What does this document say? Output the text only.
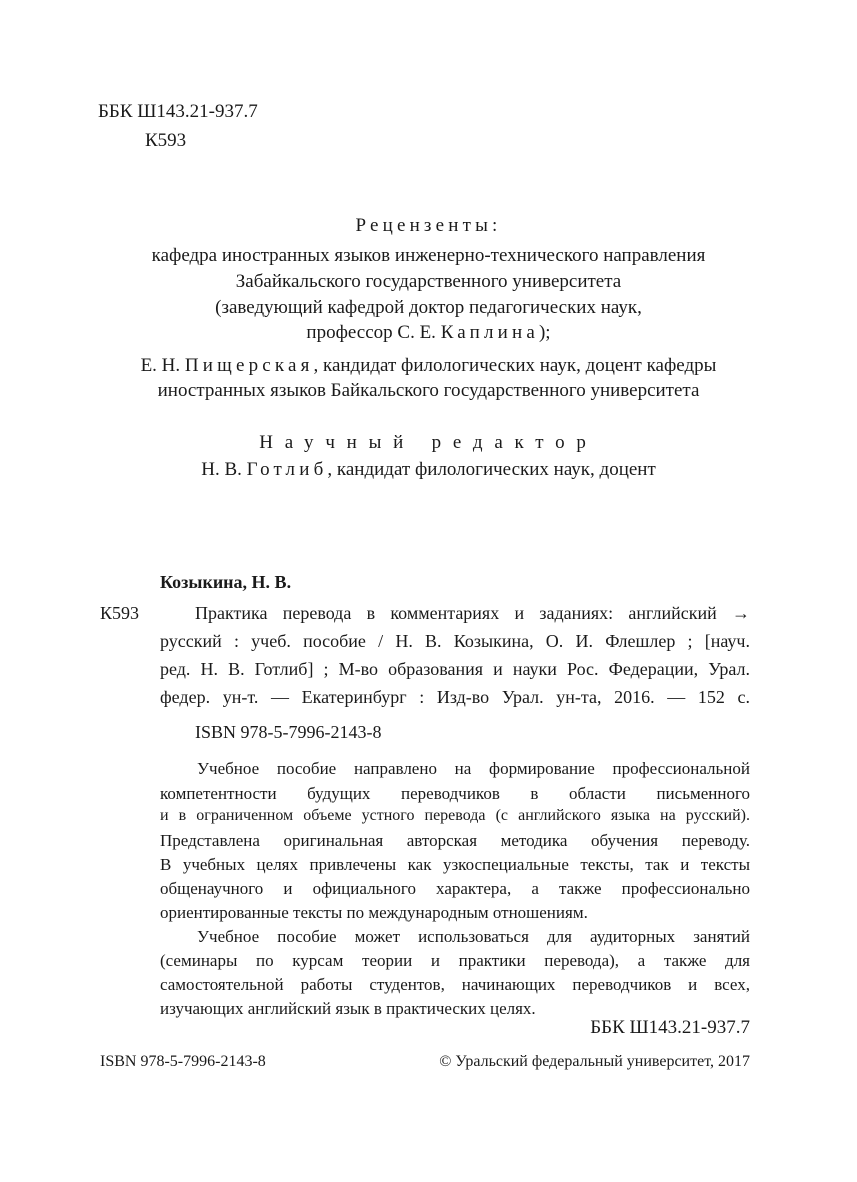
ББК Ш143.21-937.7
К593
Рецензенты:
кафедра иностранных языков инженерно-технического направления
Забайкальского государственного университета
(заведующий кафедрой доктор педагогических наук,
профессор С. Е. Каплина);
Е. Н. Пищерская, кандидат филологических наук, доцент кафедры
иностранных языков Байкальского государственного университета
Научный редактор
Н. В. Готлиб, кандидат филологических наук, доцент
Козыкина, Н. В.
К593	Практика перевода в комментариях и заданиях: английский →
русский : учеб. пособие / Н. В. Козыкина, О. И. Флешлер ; [науч.
ред. Н. В. Готлиб] ; М-во образования и науки Рос. Федерации, Урал.
федер. ун-т. — Екатеринбург : Изд-во Урал. ун-та, 2016. — 152 с.
ISBN 978-5-7996-2143-8
Учебное пособие направлено на формирование профессиональной
компетентности будущих переводчиков в области письменного
и в ограниченном объеме устного перевода (с английского языка на русский).
Представлена оригинальная авторская методика обучения переводу.
В учебных целях привлечены как узкоспециальные тексты, так и тексты
общенаучного и официального характера, а также профессионально
ориентированные тексты по международным отношениям.
Учебное пособие может использоваться для аудиторных занятий
(семинары по курсам теории и практики перевода), а также для
самостоятельной работы студентов, начинающих переводчиков и всех,
изучающих английский язык в практических целях.
ББК Ш143.21-937.7
ISBN 978-5-7996-2143-8	© Уральский федеральный университет, 2017
